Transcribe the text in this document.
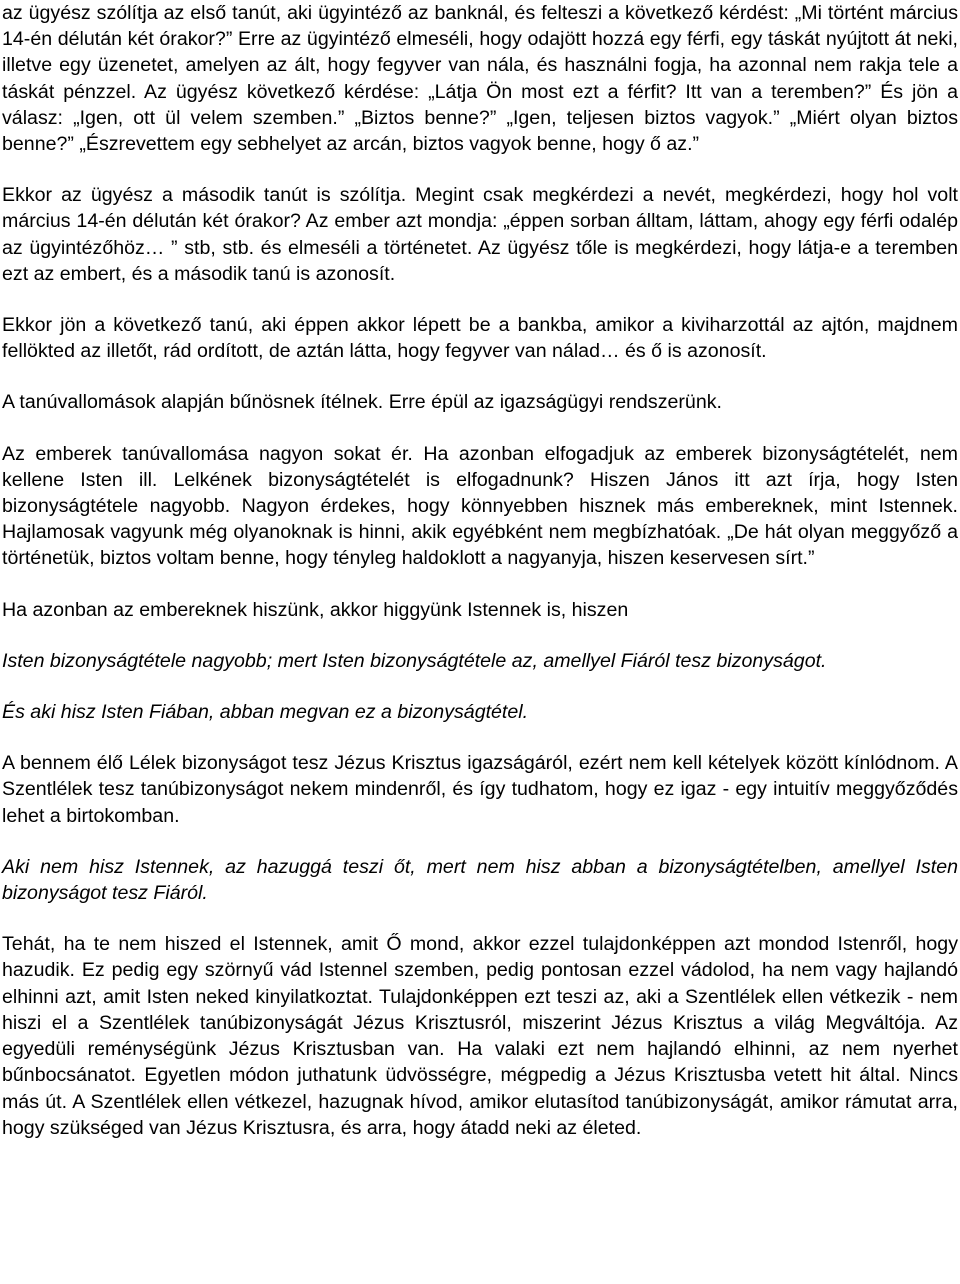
az ügyész szólítja az első tanút, aki ügyintéző az banknál, és felteszi a következő kérdést: „Mi történt március 14-én délután két órakor?” Erre az ügyintéző elmeséli, hogy odajött hozzá egy férfi, egy táskát nyújtott át neki, illetve egy üzenetet, amelyen az ált, hogy fegyver van nála, és használni fogja, ha azonnal nem rakja tele a táskát pénzzel. Az ügyész következő kérdése: „Látja Ön most ezt a férfit? Itt van a teremben?” És jön a válasz: „Igen, ott ül velem szemben.” „Biztos benne?” „Igen, teljesen biztos vagyok.” „Miért olyan biztos benne?” „Észrevettem egy sebhelyet az arcán, biztos vagyok benne, hogy ő az.”

Ekkor az ügyész a második tanút is szólítja. Megint csak megkérdezi a nevét, megkérdezi, hogy hol volt március 14-én délután két órakor? Az ember azt mondja: „éppen sorban álltam, láttam, ahogy egy férfi odalép az ügyintézőhöz… ” stb, stb. és elmeséli a történetet. Az ügyész tőle is megkérdezi, hogy látja-e a teremben ezt az embert, és a második tanú is azonosít.

Ekkor jön a következő tanú, aki éppen akkor lépett be a bankba, amikor a kiviharzottál az ajtón, majdnem fellökted az illetőt, rád ordított, de aztán látta, hogy fegyver van nálad… és ő is azonosít.

A tanúvallomások alapján bűnösnek ítélnek. Erre épül az igazságügyi rendszerünk.

Az emberek tanúvallomása nagyon sokat ér. Ha azonban elfogadjuk az emberek bizonyságtételét, nem kellene Isten ill. Lelkének bizonyságtételét is elfogadnunk? Hiszen János itt azt írja, hogy Isten bizonyságtétele nagyobb. Nagyon érdekes, hogy könnyebben hisznek más embereknek, mint Istennek. Hajlamosak vagyunk még olyanoknak is hinni, akik egyébként nem megbízhatóak. „De hát olyan meggyőző a történetük, biztos voltam benne, hogy tényleg haldoklott a nagyanyja, hiszen keservesen sírt.”

Ha azonban az embereknek hiszünk, akkor higgyünk Istennek is, hiszen

Isten bizonyságtétele nagyobb; mert Isten bizonyságtétele az, amellyel Fiáról tesz bizonyságot.

És aki hisz Isten Fiában, abban megvan ez a bizonyságtétel.

A bennem élő Lélek bizonyságot tesz Jézus Krisztus igazságáról, ezért nem kell kételyek között kínlódnom. A Szentlélek tesz tanúbizonyságot nekem mindenről, és így tudhatom, hogy ez igaz - egy intuitív meggyőződés lehet a birtokomban.

Aki nem hisz Istennek, az hazuggá teszi őt, mert nem hisz abban a bizonyságtételben, amellyel Isten bizonyságot tesz Fiáról.

Tehát, ha te nem hiszed el Istennek, amit Ő mond, akkor ezzel tulajdonképpen azt mondod Istenről, hogy hazudik. Ez pedig egy szörnyű vád Istennel szemben, pedig pontosan ezzel vádolod, ha nem vagy hajlandó elhinni azt, amit Isten neked kinyilatkoztat. Tulajdonképpen ezt teszi az, aki a Szentlélek ellen vétkezik - nem hiszi el a Szentlélek tanúbizonyságát Jézus Krisztusról, miszerint Jézus Krisztus a világ Megváltója. Az egyedüli reménységünk Jézus Krisztusban van. Ha valaki ezt nem hajlandó elhinni, az nem nyerhet bűnbocsánatot. Egyetlen módon juthatunk üdvösségre, mégpedig a Jézus Krisztusba vetett hit által. Nincs más út. A Szentlélek ellen vétkezel, hazugnak hívod, amikor elutasítod tanúbizonyságát, amikor rámutat arra, hogy szükséged van Jézus Krisztusra, és arra, hogy átadd neki az életed.
